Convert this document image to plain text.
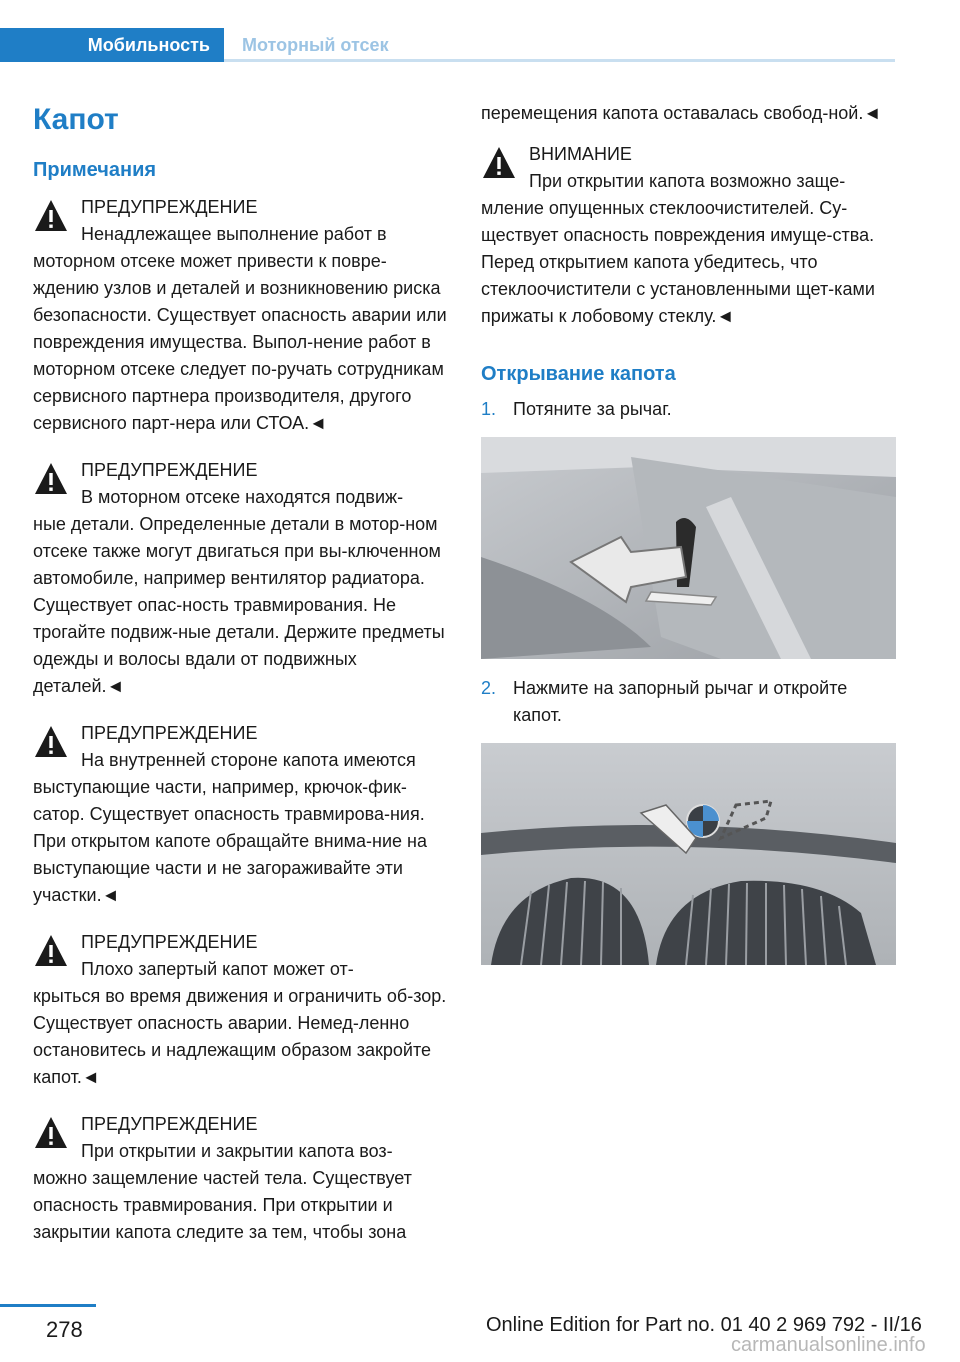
Мобильность Моторный отсек
Капот
Примечания
ПРЕДУПРЕЖДЕНИЕ
Ненадлежащее выполнение работ в
моторном отсеке может привести к повре-ждению узлов и деталей и возникновению риска безопасности. Существует опасность аварии или повреждения имущества. Выпол-нение работ в моторном отсеке следует по-ручать сотрудникам сервисного партнера производителя, другого сервисного парт-нера или СТОА.◄
ПРЕДУПРЕЖДЕНИЕ
В моторном отсеке находятся подвиж-
ные детали. Определенные детали в мотор-ном отсеке также могут двигаться при вы-ключенном автомобиле, например вентилятор радиатора. Существует опас-ность травмирования. Не трогайте подвиж-ные детали. Держите предметы одежды и волосы вдали от подвижных деталей.◄
ПРЕДУПРЕЖДЕНИЕ
На внутренней стороне капота имеются
выступающие части, например, крючок-фик-сатор. Существует опасность травмирова-ния. При открытом капоте обращайте внима-ние на выступающие части и не загораживайте эти участки.◄
ПРЕДУПРЕЖДЕНИЕ
Плохо запертый капот может от-
крыться во время движения и ограничить об-зор. Существует опасность аварии. Немед-ленно остановитесь и надлежащим образом закройте капот.◄
ПРЕДУПРЕЖДЕНИЕ
При открытии и закрытии капота воз-
можно защемление частей тела. Существует опасность травмирования. При открытии и закрытии капота следите за тем, чтобы зона
перемещения капота оставалась свобод-ной.◄
ВНИМАНИЕ
При открытии капота возможно заще-
мление опущенных стеклоочистителей. Су-ществует опасность повреждения имуще-ства. Перед открытием капота убедитесь, что стеклоочистители с установленными щет-ками прижаты к лобовому стеклу.◄
Открывание капота
1. Потяните за рычаг.
2. Нажмите на запорный рычаг и откройте капот.
278	Online Edition for Part no. 01 40 2 969 792 - II/16
carmanualsonline.info
